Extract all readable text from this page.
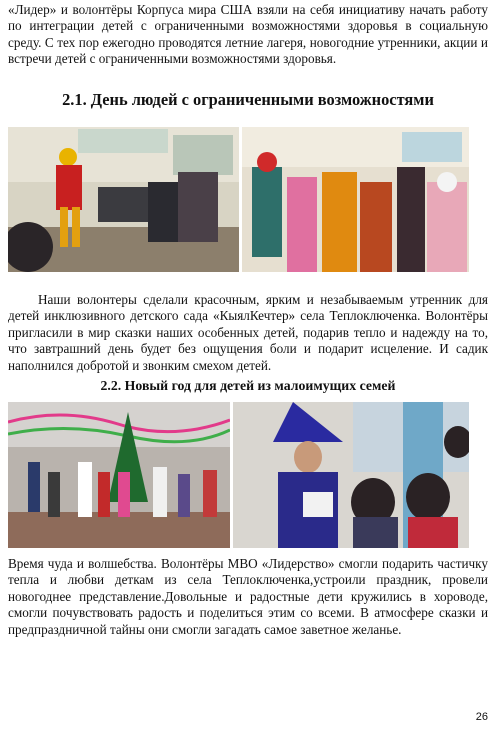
«Лидер» и волонтёры Корпуса мира США взяли на себя инициативу начать работу по интеграции детей с ограниченными возможностями здоровья в социальную среду. С тех пор ежегодно проводятся летние лагеря, новогодние утренники, акции и встречи детей с ограниченными возможностями здоровья.

2.1. День людей с ограниченными возможностями

Наши волонтеры сделали красочным, ярким и незабываемым утренник для детей инклюзивного детского сада «КыялКечтер» села Теплоключенка. Волонтёры пригласили в мир сказки наших особенных детей, подарив тепло и надежду на то, что завтрашний день будет без ощущения боли и подарит исцеление. И садик наполнился добротой и звонким смехом детей.

2.2. Новый год для детей из малоимущих семей

Время чуда и волшебства. Волонтёры МВО «Лидерство» смогли подарить частичку тепла и любви деткам из села Теплоключенка,устроили праздник, провели новогоднее представление.Довольные и радостные дети кружились в хороводе, смогли почувствовать радость и поделиться этим со всеми. В атмосфере сказки и предпраздничной тайны они смогли загадать самое заветное желанье.

26
